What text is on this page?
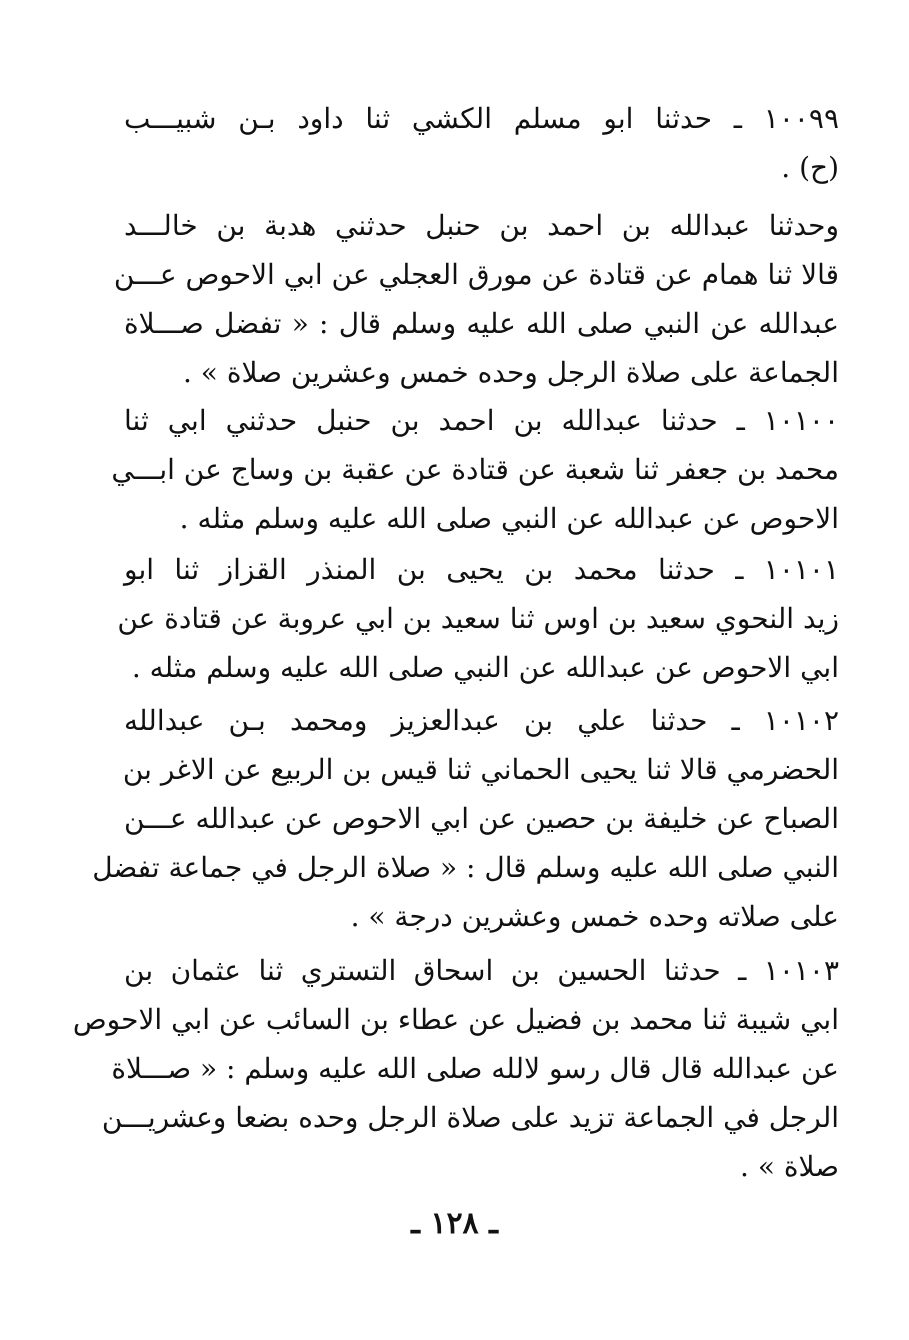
١٠٠٩٩ ـ حدثنا ابو مسلم الكشي ثنا داود بـن شبيـــب
(ح) .
وحدثنا عبدالله بن احمد بن حنبل حدثني هدبة بن خالـــد
قالا ثنا همام عن قتادة عن مورق العجلي عن ابي الاحوص عـــن
عبدالله عن النبي صلى الله عليه وسلم قال : « تفضل صـــلاة
الجماعة على صلاة الرجل وحده خمس وعشرين صلاة » .
١٠١٠٠ ـ حدثنا عبدالله بن احمد بن حنبل حدثني ابي ثنا
محمد بن جعفر ثنا شعبة عن قتادة عن عقبة بن وساج عن ابـــي
الاحوص عن عبدالله عن النبي صلى الله عليه وسلم مثله .
١٠١٠١ ـ حدثنا محمد بن يحيى بن المنذر القزاز ثنا ابو
زيد النحوي سعيد بن اوس ثنا سعيد بن ابي عروبة عن قتادة عن
ابي الاحوص عن عبدالله عن النبي صلى الله عليه وسلم مثله .
١٠١٠٢ ـ حدثنا علي بن عبدالعزيز ومحمد بـن عبدالله
الحضرمي قالا ثنا يحيى الحماني ثنا قيس بن الربيع عن الاغر بن
الصباح عن خليفة بن حصين عن ابي الاحوص عن عبدالله عـــن
النبي صلى الله عليه وسلم قال : « صلاة الرجل في جماعة تفضل
على صلاته وحده خمس وعشرين درجة » .
١٠١٠٣ ـ حدثنا الحسين بن اسحاق التستري ثنا عثمان بن
ابي شيبة ثنا محمد بن فضيل عن عطاء بن السائب عن ابي الاحوص
عن عبدالله قال قال رسو لالله صلى الله عليه وسلم : « صـــلاة
الرجل في الجماعة تزيد على صلاة الرجل وحده بضعا وعشريـــن
صلاة » .
ـ ١٢٨ ـ
